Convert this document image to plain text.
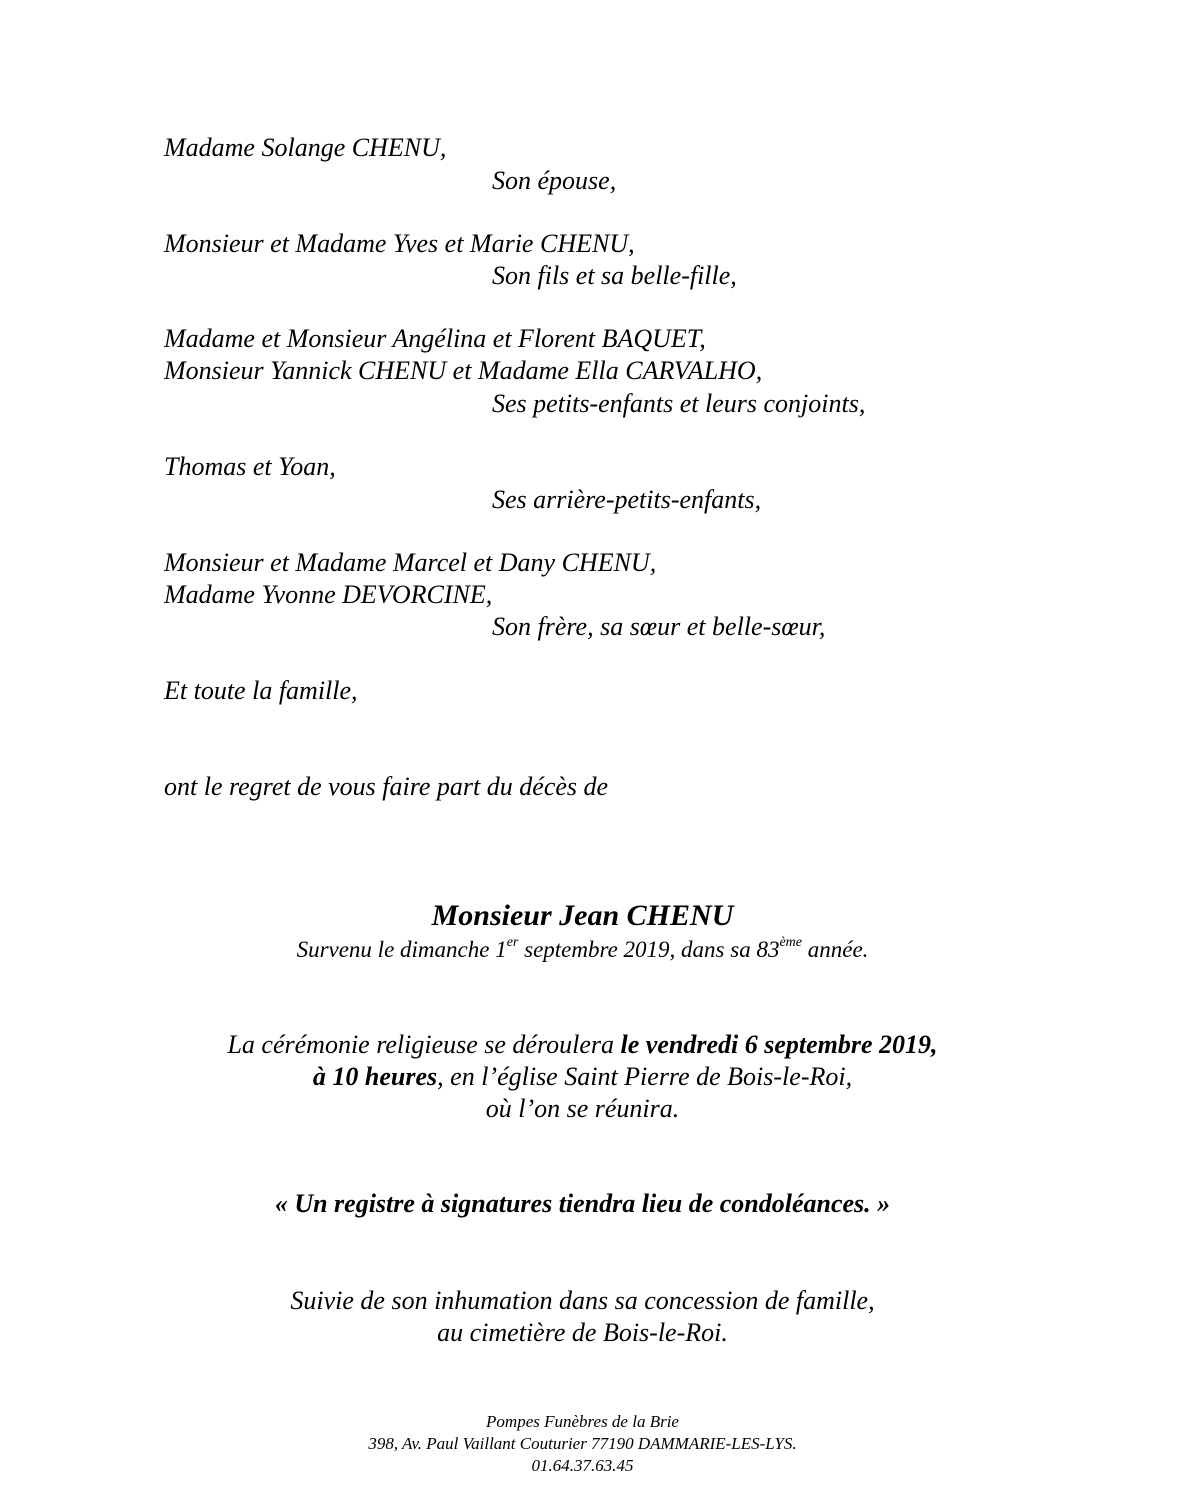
Madame Solange CHENU,
Son épouse,
Monsieur et Madame Yves et Marie CHENU,
Son fils et sa belle-fille,
Madame et Monsieur Angélina et Florent BAQUET,
Monsieur Yannick CHENU et Madame Ella CARVALHO,
Ses petits-enfants et leurs conjoints,
Thomas et Yoan,
Ses arrière-petits-enfants,
Monsieur et Madame Marcel et Dany CHENU,
Madame Yvonne DEVORCINE,
Son frère, sa sœur et belle-sœur,
Et toute la famille,
ont le regret de vous faire part du décès de
Monsieur Jean CHENU
Survenu le dimanche 1er septembre 2019, dans sa 83ème année.
La cérémonie religieuse se déroulera le vendredi 6 septembre 2019,
à 10 heures, en l’église Saint Pierre de Bois-le-Roi,
où l’on se réunira.
« Un registre à signatures tiendra lieu de condoléances. »
Suivie de son inhumation dans sa concession de famille,
au cimetière de Bois-le-Roi.
Pompes Funèbres de la Brie
398, Av. Paul Vaillant Couturier 77190 DAMMARIE-LES-LYS.
01.64.37.63.45
